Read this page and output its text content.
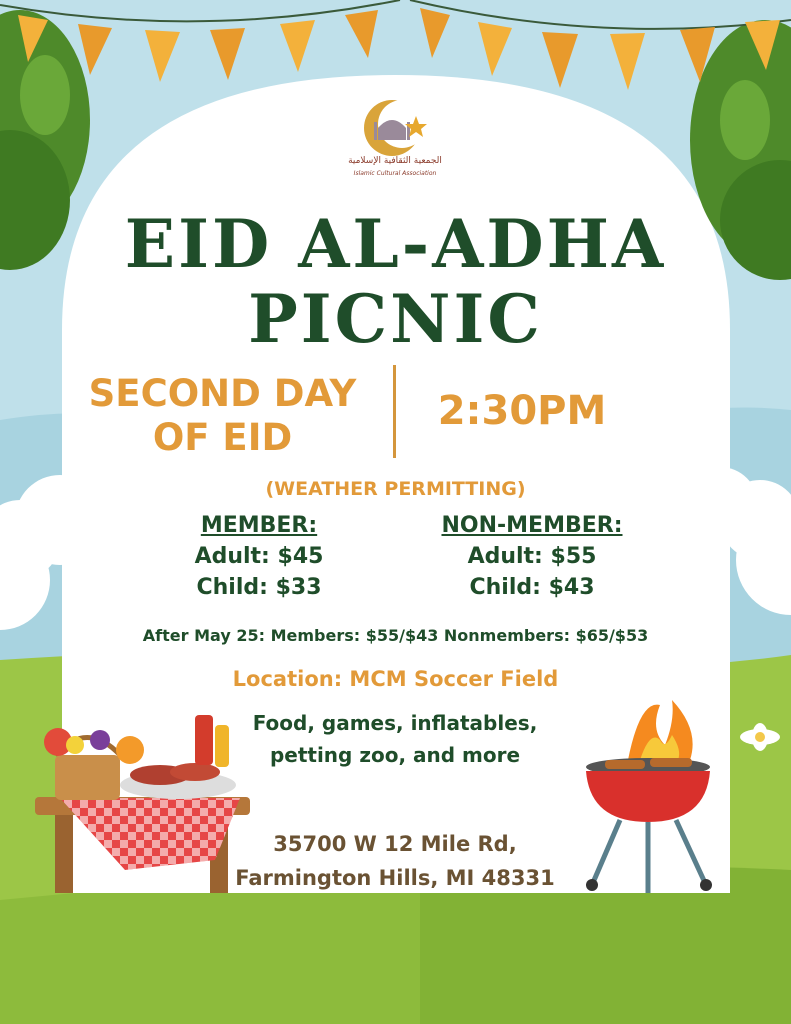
الجمعية الثقافية الإسلامية
Islamic Cultural Association
EID AL-ADHA
PICNIC
SECOND DAY OF EID
2:30PM
(WEATHER PERMITTING)
MEMBER:
Adult: $45
Child: $33
NON-MEMBER:
Adult: $55
Child: $43
After May 25: Members: $55/$43 Nonmembers: $65/$53
Location: MCM Soccer Field
Food, games, inflatables, petting zoo, and more
35700 W 12 Mile Rd,
Farmington Hills, MI 48331
